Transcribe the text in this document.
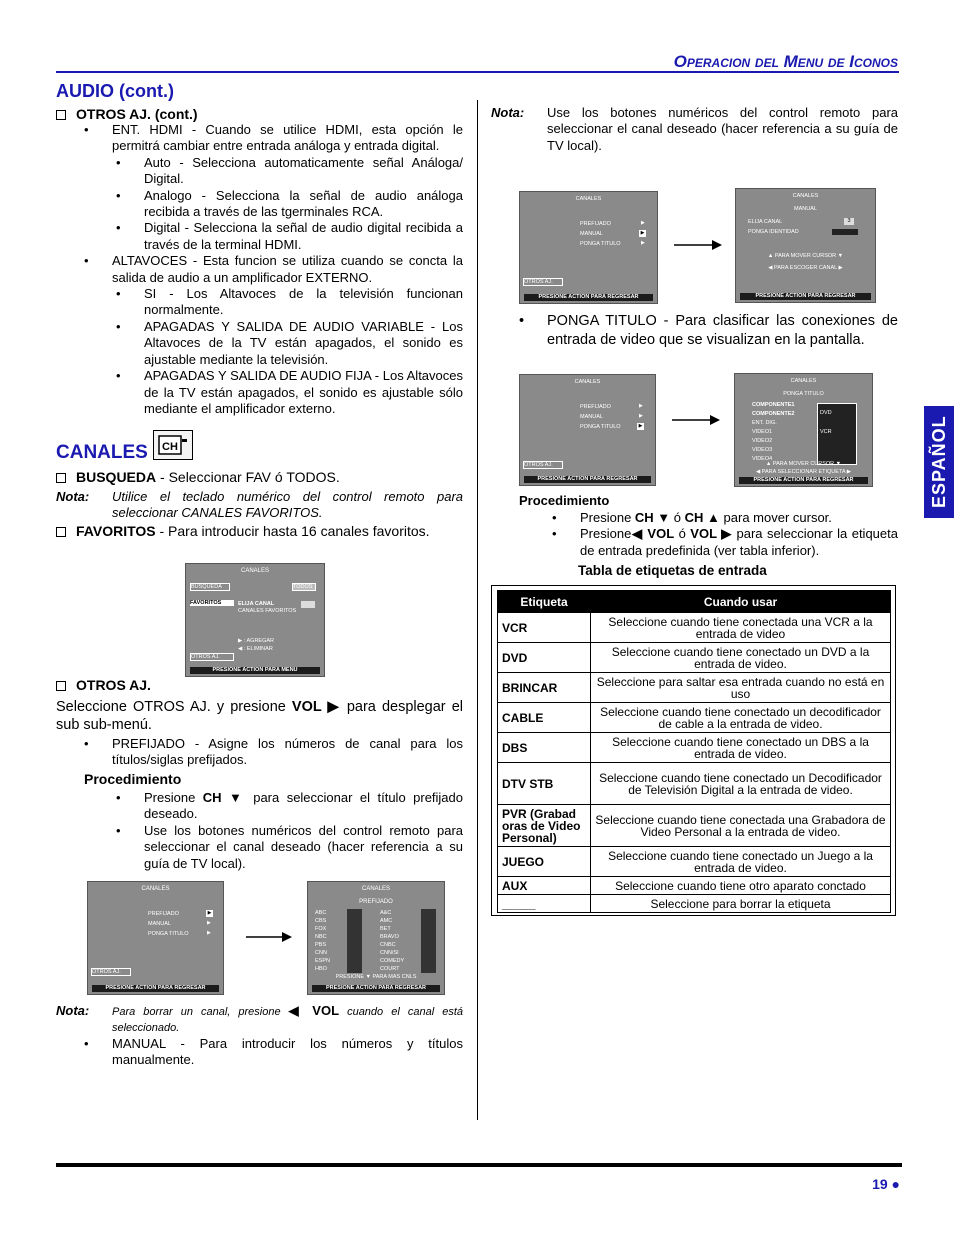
Operacion del Menu de Iconos
ESPAÑOL
AUDIO (cont.)
OTROS AJ. (cont.)
• ENT. HDMI - Cuando se utilice HDMI, esta opción le permitrá cambiar entre entrada análoga y entrada digital.
• Auto - Selecciona automaticamente señal Análoga/ Digital.
• Analogo - Selecciona la señal de audio análoga recibida a través de las tgerminales RCA.
• Digital - Selecciona la señal de audio digital recibida a través de la terminal HDMI.
• ALTAVOCES - Esta funcion se utiliza cuando se concta la salida de audio a un amplificador EXTERNO.
• SI - Los Altavoces de la televisión funcionan normalmente.
• APAGADAS Y SALIDA DE AUDIO VARIABLE - Los Altavoces de la TV están apagados, el sonido es ajustable mediante la televisión.
• APAGADAS Y SALIDA DE AUDIO FIJA - Los Altavoces de la TV están apagados, el sonido es ajustable sólo mediante el amplificador externo.
CANALES CH
BUSQUEDA - Seleccionar FAV ó TODOS.
Nota: Utilice el teclado numérico del control remoto para seleccionar CANALES FAVORITOS.
FAVORITOS - Para introducir hasta 16 canales favoritos.
CANALES
BUSQUEDA	TODOS
FAVORITOS	ELIJA CANAL
CANALES FAVORITOS
▶ : AGREGAR
◀ : ELIMINAR
OTROS AJ.
PRESIONE ACTION PARA MENU
OTROS AJ.
Seleccione OTROS AJ. y presione VOL ▶ para desplegar el sub sub-menú.
• PREFIJADO - Asigne los números de canal para los títulos/siglas prefijados.
Procedimiento
• Presione CH ▼ para seleccionar el título prefijado deseado.
• Use los botones numéricos del control remoto para seleccionar el canal deseado (hacer referencia a su guía de TV local).
CANALES
PREFIJADO	▶
MANUAL	▶
PONGA TITULO	▶
OTROS AJ.
PRESIONE ACTION PARA REGRESAR
CANALES
PREFIJADO
ABC
CBS
FOX
NBC
PBS
CNN
ESPN
HBO
A&C
AMC
BET
BRAVO
CNBC
CNN/SI
COMEDY
COURT
PRESIONE ▼ PARA MAS CNLS
PRESIONE ACTION PARA REGRESAR
Nota: Para borrar un canal, presione ◀ VOL cuando el canal está seleccionado.
• MANUAL - Para introducir los números y títulos manualmente.
Nota: Use los botones numéricos del control remoto para seleccionar el canal deseado (hacer referencia a su guía de TV local).
CANALES
PREFIJADO	▶
MANUAL	▶
PONGA TITULO	▶
OTROS AJ.
PRESIONE ACTION PARA REGRESAR
CANALES
MANUAL
ELIJA CANAL	3
PONGA IDENTIDAD
▲ PARA MOVER CURSOR ▼
◀ PARA ESCOGER CANAL ▶
PRESIONE ACTION PARA REGRESAR
• PONGA TITULO - Para clasificar las conexiones de entrada de video que se visualizan en la pantalla.
CANALES
PREFIJADO	▶
MANUAL	▶
PONGA TITULO	▶
OTROS AJ.
PRESIONE ACTION PARA REGRESAR
CANALES
PONGA TITULO
COMPONENTE1
COMPONENTE2
ENT. DIG.
VIDEO1
VIDEO2
VIDEO3
VIDEO4
DVD
VCR
▲ PARA MOVER CURSOR ▼
◀ PARA SELECCIONAR ETIQUETA ▶
PRESIONE ACTION PARA REGRESAR
Procedimiento
• Presione CH ▼ ó CH ▲ para mover cursor.
• Presione◀ VOL ó VOL ▶ para seleccionar la etiqueta de entrada predefinida (ver tabla inferior).
Tabla de etiquetas de entrada
Etiqueta	Cuando usar
VCR	Seleccione cuando tiene conectada una VCR a la entrada de video
DVD	Seleccione cuando tiene conectado un DVD a la entrada de video.
BRINCAR	Seleccione para saltar esa entrada cuando no está en uso
CABLE	Seleccione cuando tiene conectado un decodificador de cable a la entrada de video.
DBS	Seleccione cuando tiene conectado un DBS a la entrada de video.
DTV STB	Seleccione cuando tiene conectado un Decodificador de Televisión Digital a la entrada de video.
PVR (Grabad oras de Video Personal)	Seleccione cuando tiene conectada una Grabadora de Video Personal a la entrada de video.
JUEGO	Seleccione cuando tiene conectado un Juego a la entrada de video.
AUX	Seleccione cuando tiene otro aparato conctado
_____	Seleccione para borrar la etiqueta
19 ●
